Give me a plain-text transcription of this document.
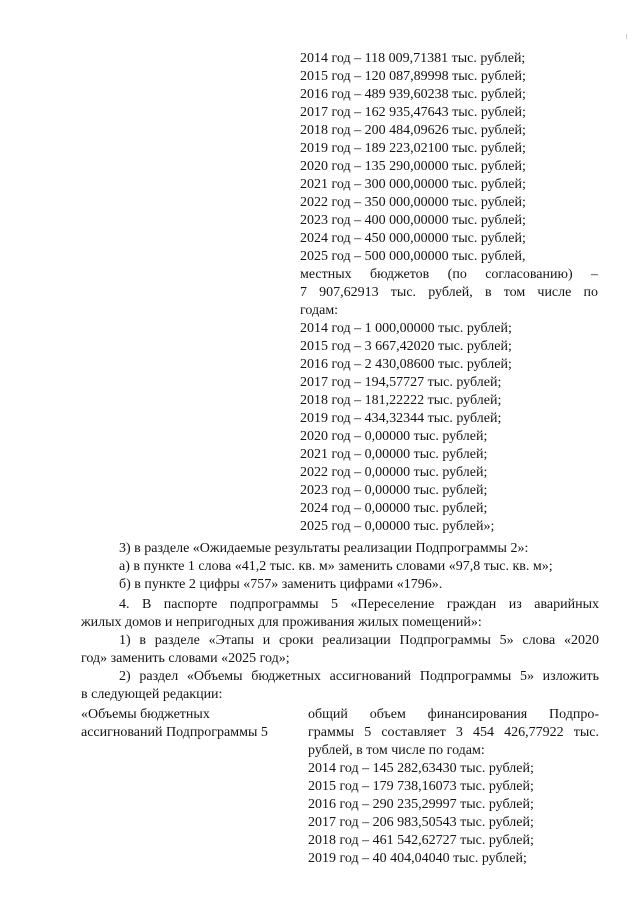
2014 год – 118 009,71381 тыс. рублей;
2015 год – 120 087,89998 тыс. рублей;
2016 год – 489 939,60238 тыс. рублей;
2017 год – 162 935,47643 тыс. рублей;
2018 год – 200 484,09626 тыс. рублей;
2019 год – 189 223,02100 тыс. рублей;
2020 год – 135 290,00000 тыс. рублей;
2021 год – 300 000,00000 тыс. рублей;
2022 год – 350 000,00000 тыс. рублей;
2023 год – 400 000,00000 тыс. рублей;
2024 год – 450 000,00000 тыс. рублей;
2025 год – 500 000,00000 тыс. рублей,
местных бюджетов (по согласованию) –
7 907,62913 тыс. рублей, в том числе по
годам:
2014 год – 1 000,00000 тыс. рублей;
2015 год – 3 667,42020 тыс. рублей;
2016 год – 2 430,08600 тыс. рублей;
2017 год – 194,57727 тыс. рублей;
2018 год – 181,22222 тыс. рублей;
2019 год – 434,32344 тыс. рублей;
2020 год – 0,00000 тыс. рублей;
2021 год – 0,00000 тыс. рублей;
2022 год – 0,00000 тыс. рублей;
2023 год – 0,00000 тыс. рублей;
2024 год – 0,00000 тыс. рублей;
2025 год – 0,00000 тыс. рублей»;
3) в разделе «Ожидаемые результаты реализации Подпрограммы 2»:
а) в пункте 1 слова «41,2 тыс. кв. м» заменить словами «97,8 тыс. кв. м»;
б) в пункте 2 цифры «757» заменить цифрами «1796».
4. В паспорте подпрограммы 5 «Переселение граждан из аварийных
жилых домов и непригодных для проживания жилых помещений»:
1) в разделе «Этапы и сроки реализации Подпрограммы 5» слова «2020
год» заменить словами «2025 год»;
2) раздел «Объемы бюджетных ассигнований Подпрограммы 5» изложить
в следующей редакции:
«Объемы бюджетных
ассигнований Подпрограммы 5
общий объем финансирования Подпро-
граммы 5 составляет 3 454 426,77922 тыс.
рублей, в том числе по годам:
2014 год – 145 282,63430 тыс. рублей;
2015 год – 179 738,16073 тыс. рублей;
2016 год – 290 235,29997 тыс. рублей;
2017 год – 206 983,50543 тыс. рублей;
2018 год – 461 542,62727 тыс. рублей;
2019 год – 40 404,04040 тыс. рублей;
